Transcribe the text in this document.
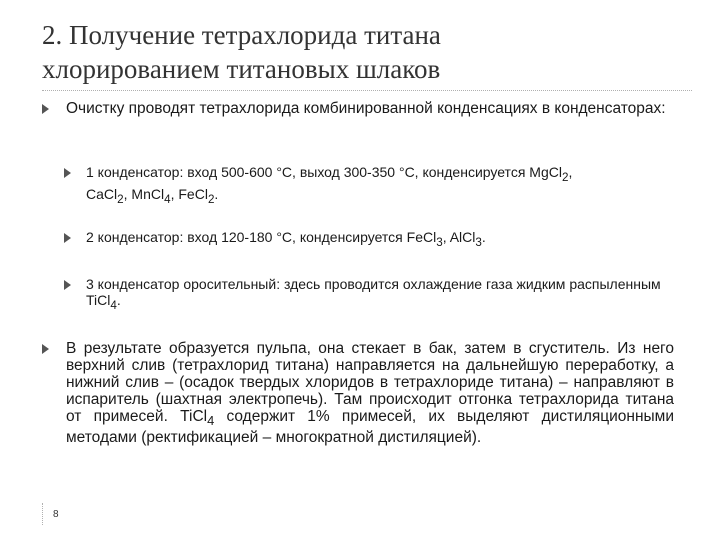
2. Получение тетрахлорида титана
хлорированием титановых шлаков
Очистку проводят тетрахлорида комбинированной конденсациях в конденсаторах:
1 конденсатор: вход 500-600 °С, выход 300-350 °С, конденсируется MgCl$_2$,
CaCl$_2$, MnCl$_4$, FeCl$_2$.
2 конденсатор: вход 120-180 °С, конденсируется FeCl$_3$, AlCl$_3$.
3 конденсатор оросительный: здесь проводится охлаждение газа жидким распыленным TiCl$_4$.
В результате образуется пульпа, она стекает в бак, затем в сгуститель. Из него верхний слив (тетрахлорид титана) направляется на дальнейшую переработку, а нижний слив – (осадок твердых хлоридов в тетрахлориде титана) – направляют в испаритель (шахтная электропечь). Там происходит отгонка тетрахлорида титана от примесей. TiCl$_4$ содержит 1% примесей, их выделяют дистиляционными методами (ректификацией – многократной дистиляцией).
8
